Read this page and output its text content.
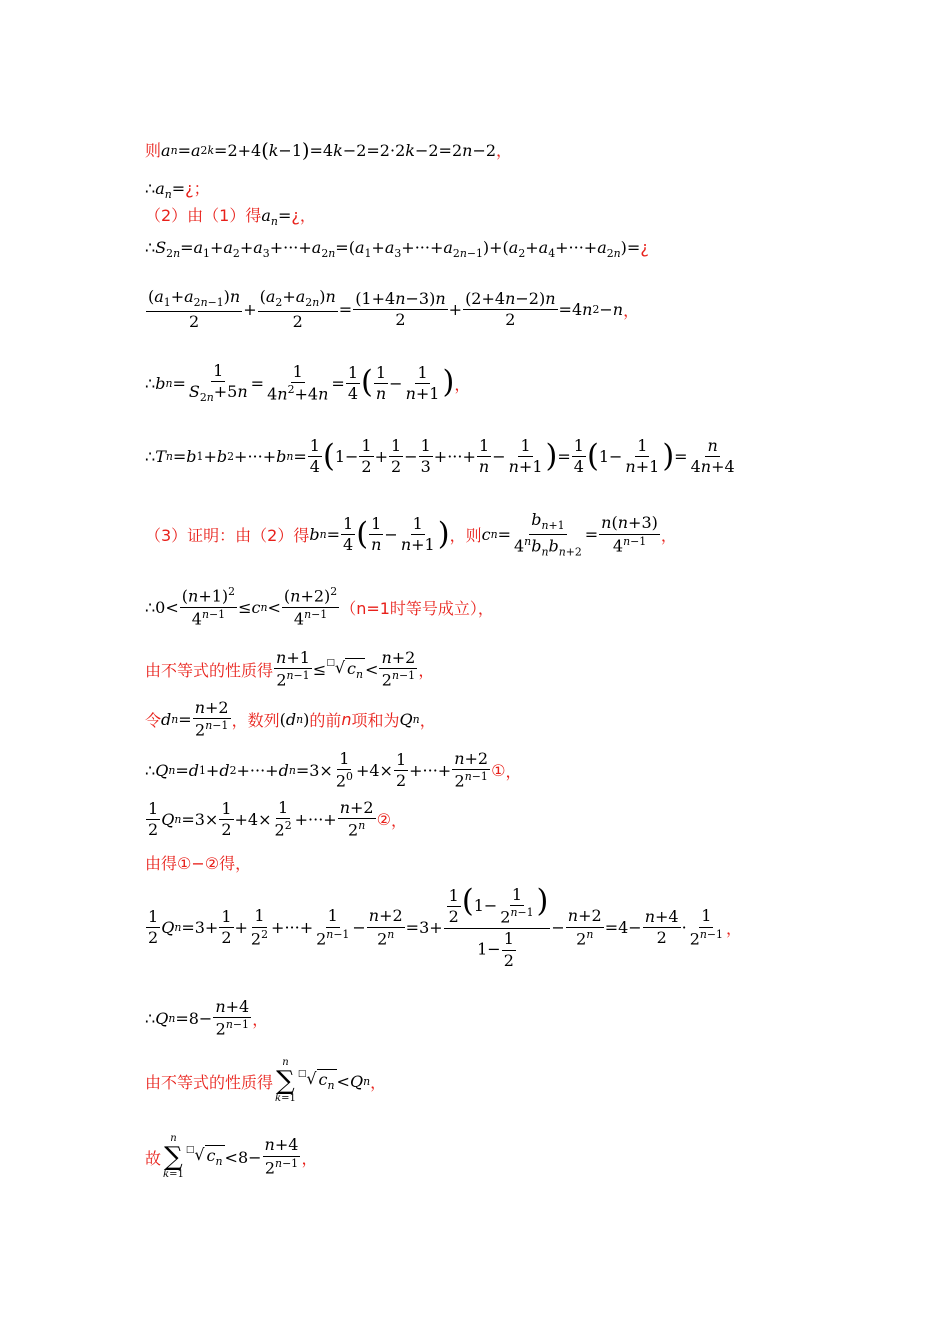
则 a n = a 2k =2+4 ( k −1 ) =4 k −2=2·2 k −2=2 n −2，
$\therefore a_n=¿$；
（2）由（1）得$a_n=¿$，
$\therefore S_{2n}=a_1+a_2+a_3+\cdot\cdot\cdot+a_{2n}=(a_1+a_3+\cdot\cdot\cdot+a_{2n-1})+(a_2+a_4+\cdot\cdot\cdot+a_{2n})=¿$
$\frac{(a_1+a_{2n-1})n}{2} + \frac{(a_2+a_{2n})n}{2} = \frac{(1+4n-3)n}{2} + \frac{(2+4n-2)n}{2} =4$ n 2 − n ，
∴ b $n = \frac{1}{S_{2n}+5n} = \frac{1}{4n^2+4n} = \frac{1}{4}$ ( $\frac{1}{n} - \frac{1}{n+1}$ ) ，
∴ T n = b 1 + b 2 +···+ b $n = \frac{1}{4}$ ( $1- \frac{1}{2} + \frac{1}{2} - \frac{1}{3}$ +···+ $\frac{1}{n} - \frac{1}{n+1}$ ) = $\frac{1}{4}$ ( $1- \frac{1}{n+1}$ ) = $\frac{n}{4n+4}$
（3）证明：由（2）得 b $n = \frac{1}{4}$ ( $\frac{1}{n} - \frac{1}{n+1}$ ) ，则 c $n = \frac{b_{n+1}}{4^nb_nb_{n+2}} = \frac{n(n+3)}{4^{n-1}}$ ，
∴0< $\frac{(n+1)^2}{4^{n-1}} \le c$ $n < \frac{(n+2)^2}{4^{n-1}} (n=1$时等号成立），
由不等式的性质得 $\frac{n+1}{2^{n-1}}$ ≤ □ √ $c_n < \frac{n+2}{2^{n-1}}$ ，
令 d $n = \frac{n+2}{2^{n-1}}$ ，数列 ( d n ) 的前 n 项和为 Q n ，
∴ Q n = d 1 + d 2 +···+ d $n =3\times \frac{1}{2^0} +4\times \frac{1}{2}$ +···+ $\frac{n+2}{2^{n-1}}$ ① ，
$\frac{1}{2}$ Q $n =3\times \frac{1}{2} +4\times \frac{1}{2^2}$ +···+ $\frac{n+2}{2^n}$ ② ，
由得①−②得，
$\frac{1}{2}$ Q $n =3+ \frac{1}{2} + \frac{1}{2^2}$ +···+ $\frac{1}{2^{n-1}} - \frac{n+2}{2^n} =3+ \frac{\frac{1}{2} (1- \frac{1}{2^{n-1}} )}{1- \frac{1}{2}} - \frac{n+2}{2^n} =4- \frac{n+4}{2} \cdot \frac{1}{2^{n-1}}$ ，
∴ Q $n =8- \frac{n+4}{2^{n-1}}$ ，
由不等式的性质得
n
∑
k=1
□ √ $c_n < Q$ n ，
故
n
∑
k=1
□ √ $c_n <8- \frac{n+4}{2^{n-1}}$ ，
